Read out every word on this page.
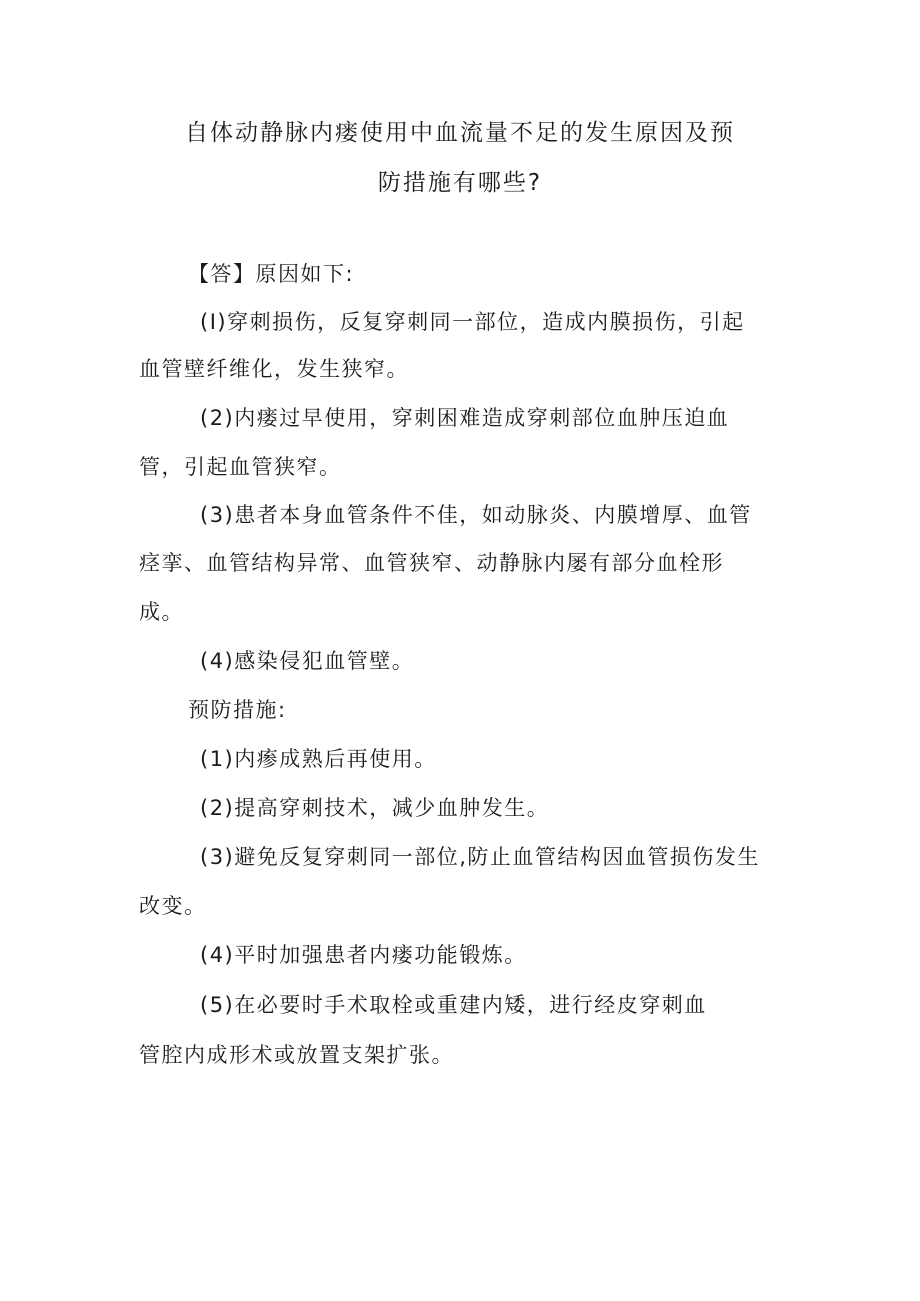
自体动静脉内瘘使用中血流量不足的发生原因及预
防措施有哪些?

【答】原因如下:

(I)穿刺损伤，反复穿刺同一部位，造成内膜损伤，引起

血管壁纤维化，发生狭窄。

(2)内瘘过早使用，穿刺困难造成穿刺部位血肿压迫血

管，引起血管狭窄。

(3)患者本身血管条件不佳，如动脉炎、内膜增厚、血管

痉挛、血管结构异常、血管狭窄、动静脉内屡有部分血栓形

成。

(4)感染侵犯血管壁。

预防措施:

(1)内瘆成熟后再使用。

(2)提高穿刺技术，减少血肿发生。

(3)避免反复穿刺同一部位,防止血管结构因血管损伤发生

改变。

(4)平时加强患者内瘘功能锻炼。

(5)在必要时手术取栓或重建内矮，进行经皮穿刺血

管腔内成形术或放置支架扩张。
